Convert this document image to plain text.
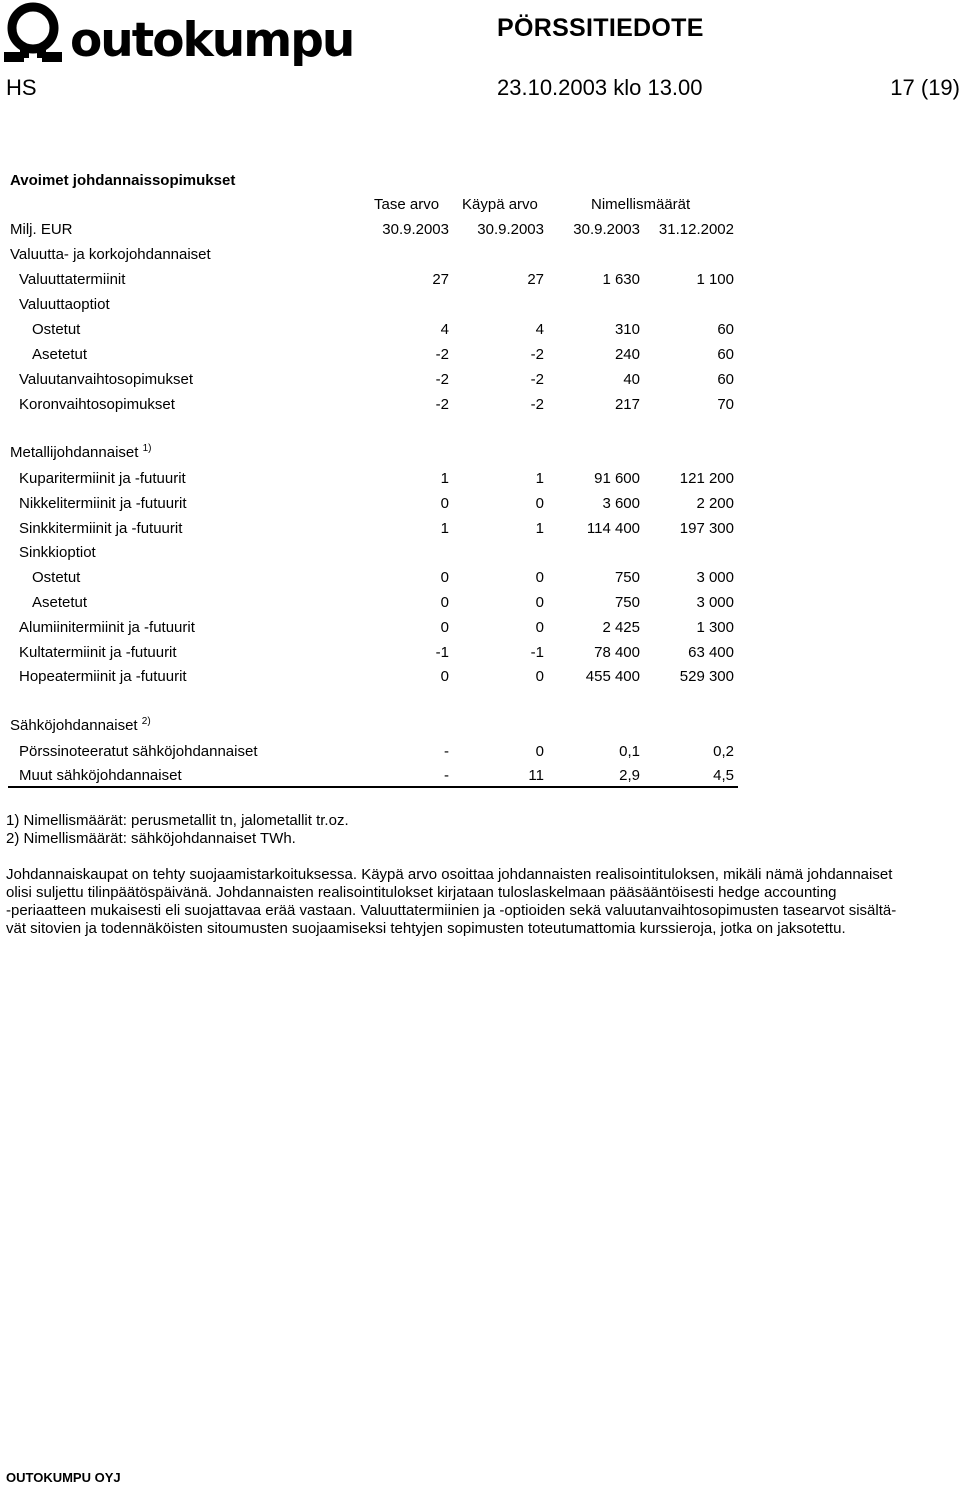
outokumpu	PÖRSSITIEDOTE
HS	23.10.2003 klo 13.00	17 (19)
Avoimet johdannaissopimukset
Tase arvo Käypä arvo	Nimellismäärät
Milj. EUR	30.9.2003 30.9.2003 30.9.2003 31.12.2002
Valuutta- ja korkojohdannaiset
Valuuttatermiinit	27	27	1 630	1 100
Valuuttaoptiot
Ostetut	4	4	310	60
Asetetut	-2	-2	240	60
Valuutanvaihtosopimukset	-2	-2	40	60
Koronvaihtosopimukset	-2	-2	217	70
Metallijohdannaiset $^{1)}$
Kuparitermiinit ja -futuurit	1	1	91 600	121 200
Nikkelitermiinit ja -futuurit	0	0	3 600	2 200
Sinkkitermiinit ja -futuurit	1	1	114 400	197 300
Sinkkioptiot
Ostetut	0	0	750	3 000
Asetetut	0	0	750	3 000
Alumiinitermiinit ja -futuurit	0	0	2 425	1 300
Kultatermiinit ja -futuurit	-1	-1	78 400	63 400
Hopeatermiinit ja -futuurit	0	0	455 400	529 300
Sähköjohdannaiset $^{2)}$
Pörssinoteeratut sähköjohdannaiset	-	0	0,1	0,2
Muut sähköjohdannaiset	-	11	2,9	4,5
1) Nimellismäärät: perusmetallit tn, jalometallit tr.oz.
2) Nimellismäärät: sähköjohdannaiset TWh.

Johdannaiskaupat on tehty suojaamistarkoituksessa. Käypä arvo osoittaa johdannaisten realisointituloksen, mikäli nämä johdannaiset

olisi suljettu tilinpäätöspäivänä. Johdannaisten realisointitulokset kirjataan tuloslaskelmaan pääsääntöisesti hedge accounting

-periaatteen mukaisesti eli suojattavaa erää vastaan. Valuuttatermiinien ja -optioiden sekä valuutanvaihtosopimusten tasearvot sisältä-

vät sitovien ja todennäköisten sitoumusten suojaamiseksi tehtyjen sopimusten toteutumattomia kurssieroja, jotka on jaksotettu.

OUTOKUMPU OYJ
